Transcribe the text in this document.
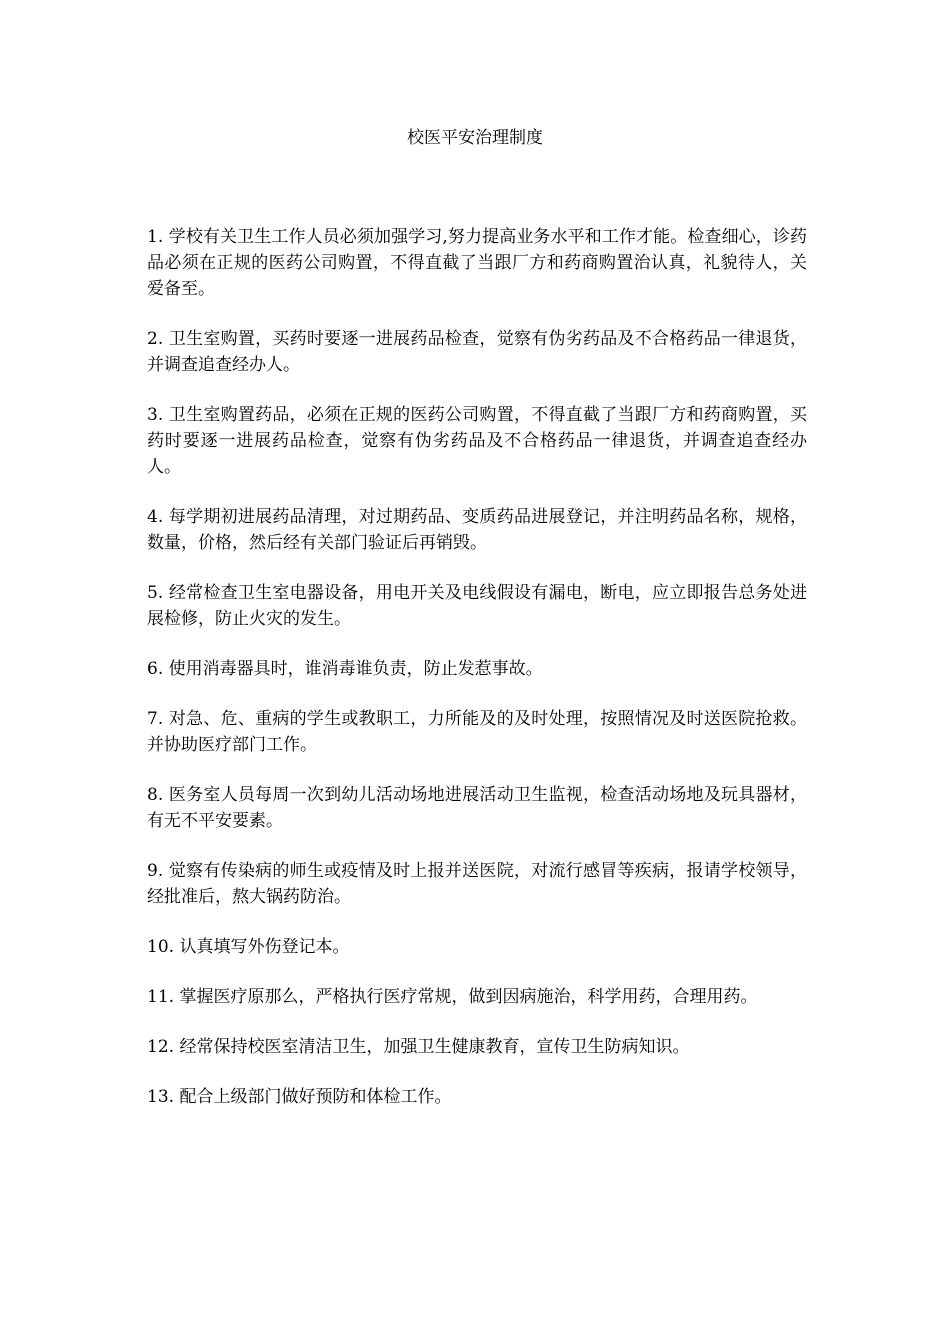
校医平安治理制度
1. 学校有关卫生工作人员必须加强学习,努力提高业务水平和工作才能。检查细心，诊药品必须在正规的医药公司购置，不得直截了当跟厂方和药商购置治认真，礼貌待人，关爱备至。
2. 卫生室购置，买药时要逐一进展药品检查，觉察有伪劣药品及不合格药品一律退货，并调查追查经办人。
3. 卫生室购置药品，必须在正规的医药公司购置，不得直截了当跟厂方和药商购置，买药时要逐一进展药品检查，觉察有伪劣药品及不合格药品一律退货，并调查追查经办人。
4. 每学期初进展药品清理，对过期药品、变质药品进展登记，并注明药品名称，规格，数量，价格，然后经有关部门验证后再销毁。
5. 经常检查卫生室电器设备，用电开关及电线假设有漏电，断电，应立即报告总务处进展检修，防止火灾的发生。
6. 使用消毒器具时，谁消毒谁负责，防止发惹事故。
7. 对急、危、重病的学生或教职工，力所能及的及时处理，按照情况及时送医院抢救。并协助医疗部门工作。
8. 医务室人员每周一次到幼儿活动场地进展活动卫生监视，检查活动场地及玩具器材，有无不平安要素。
9. 觉察有传染病的师生或疫情及时上报并送医院，对流行感冒等疾病，报请学校领导，经批准后，熬大锅药防治。
10. 认真填写外伤登记本。
11. 掌握医疗原那么，严格执行医疗常规，做到因病施治，科学用药，合理用药。
12. 经常保持校医室清洁卫生，加强卫生健康教育，宣传卫生防病知识。
13. 配合上级部门做好预防和体检工作。
